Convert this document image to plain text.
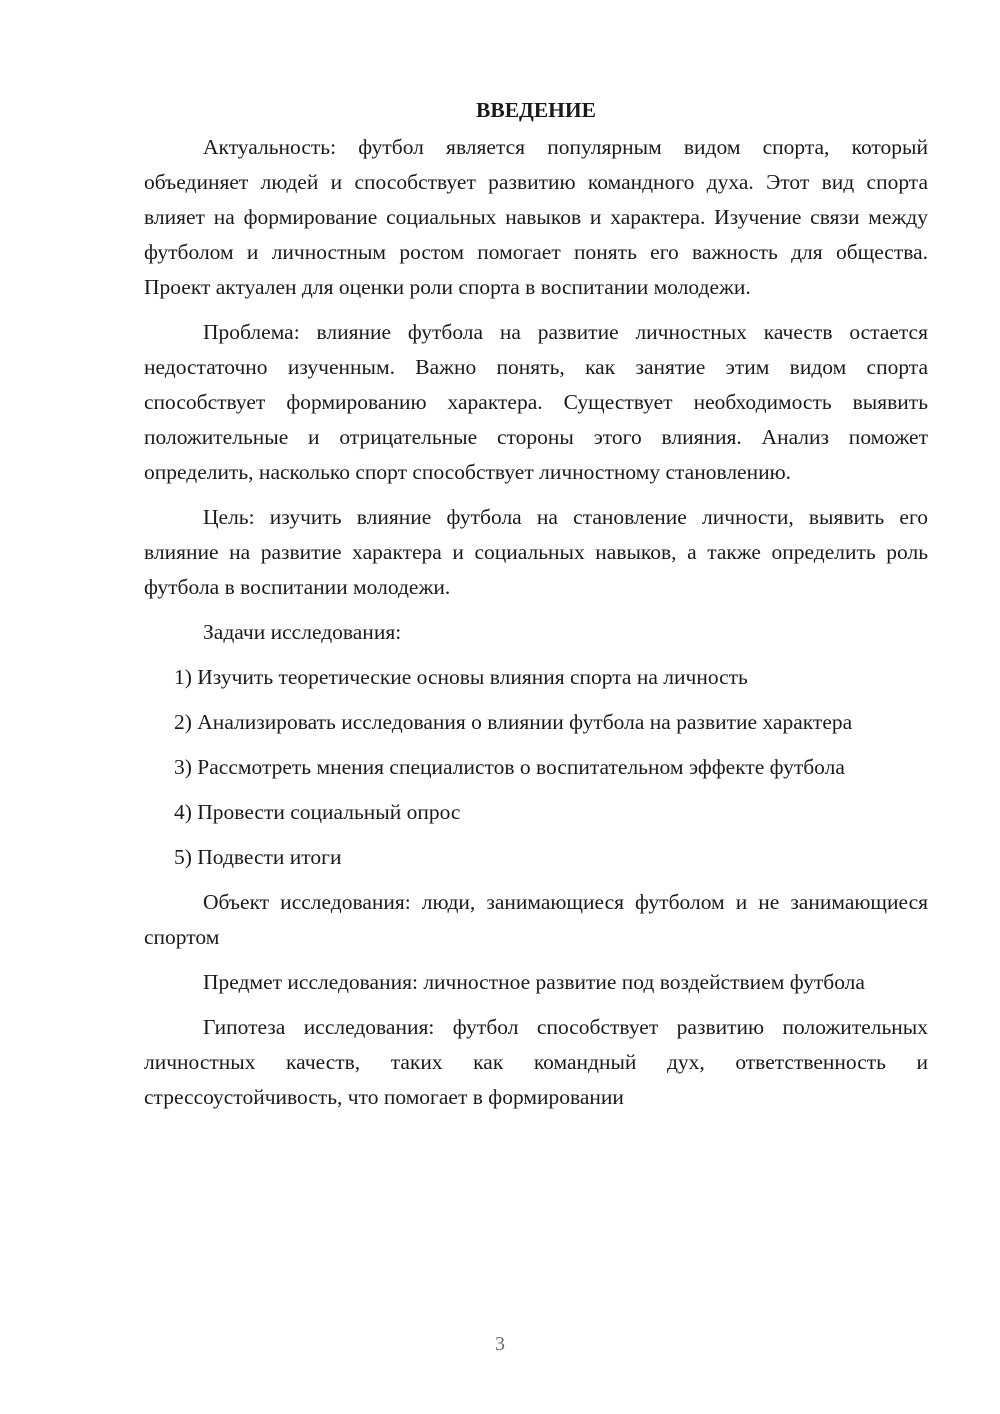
ВВЕДЕНИЕ

Актуальность: футбол является популярным видом спорта, который объединяет людей и способствует развитию командного духа. Этот вид спорта влияет на формирование социальных навыков и характера. Изучение связи между футболом и личностным ростом помогает понять его важность для общества. Проект актуален для оценки роли спорта в воспитании молодежи.

Проблема: влияние футбола на развитие личностных качеств остается недостаточно изученным. Важно понять, как занятие этим видом спорта способствует формированию характера. Существует необходимость выявить положительные и отрицательные стороны этого влияния. Анализ поможет определить, насколько спорт способствует личностному становлению.

Цель: изучить влияние футбола на становление личности, выявить его влияние на развитие характера и социальных навыков, а также определить роль футбола в воспитании молодежи.

Задачи исследования:

1) Изучить теоретические основы влияния спорта на личность

2) Анализировать исследования о влиянии футбола на развитие характера

3) Рассмотреть мнения специалистов о воспитательном эффекте футбола

4) Провести социальный опрос

5) Подвести итоги

Объект исследования: люди, занимающиеся футболом и не занимающиеся спортом

Предмет исследования: личностное развитие под воздействием футбола

Гипотеза исследования: футбол способствует развитию положительных личностных качеств, таких как командный дух, ответственность и стрессоустойчивость, что помогает в формировании

3
